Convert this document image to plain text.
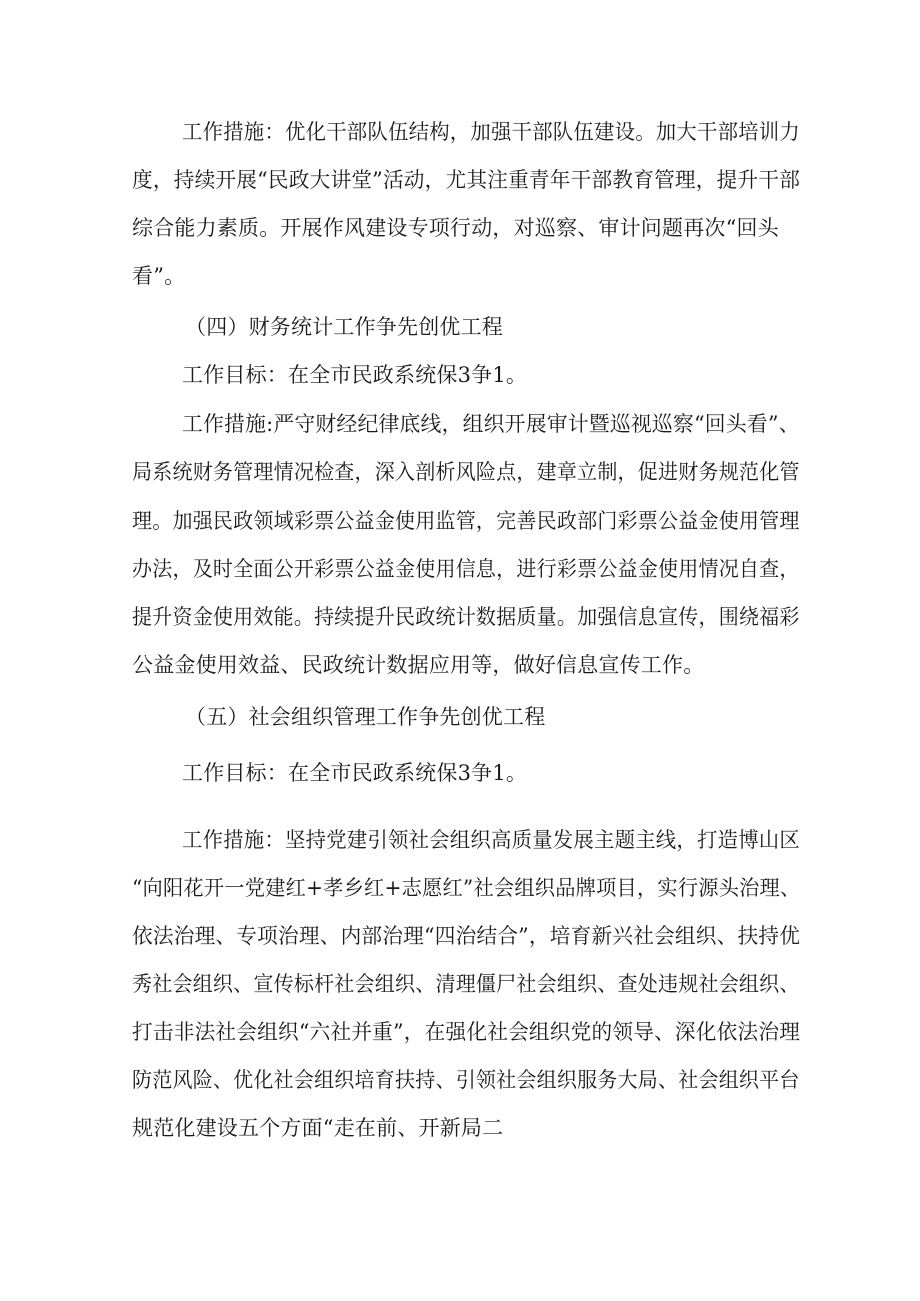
工作措施：优化干部队伍结构，加强干部队伍建设。加大干部培训力
度，持续开展“民政大讲堂”活动，尤其注重青年干部教育管理，提升干部
综合能力素质。开展作风建设专项行动，对巡察、审计问题再次“回头
看”。
（四）财务统计工作争先创优工程
工作目标：在全市民政系统保3争1。
工作措施:严守财经纪律底线，组织开展审计暨巡视巡察“回头看”、
局系统财务管理情况检查，深入剖析风险点，建章立制，促进财务规范化管
理。加强民政领域彩票公益金使用监管，完善民政部门彩票公益金使用管理
办法，及时全面公开彩票公益金使用信息，进行彩票公益金使用情况自查，
提升资金使用效能。持续提升民政统计数据质量。加强信息宣传，围绕福彩
公益金使用效益、民政统计数据应用等，做好信息宣传工作。
（五）社会组织管理工作争先创优工程
工作目标：在全市民政系统保3争1。
工作措施：坚持党建引领社会组织高质量发展主题主线，打造博山区
“向阳花开一党建红+孝乡红+志愿红”社会组织品牌项目，实行源头治理、
依法治理、专项治理、内部治理“四治结合”，培育新兴社会组织、扶持优
秀社会组织、宣传标杆社会组织、清理僵尸社会组织、查处违规社会组织、
打击非法社会组织“六社并重”，在强化社会组织党的领导、深化依法治理
防范风险、优化社会组织培育扶持、引领社会组织服务大局、社会组织平台
规范化建设五个方面“走在前、开新局二
